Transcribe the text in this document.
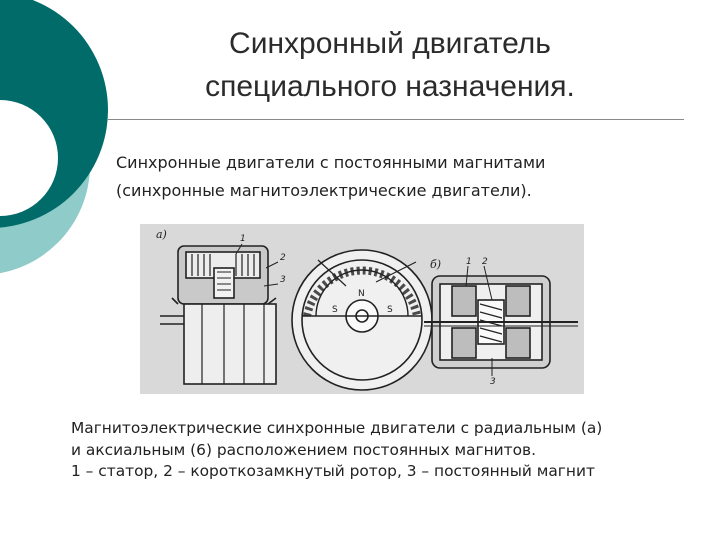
Синхронный двигатель
специального назначения.
Синхронные двигатели с постоянными магнитами
(синхронные магнитоэлектрические двигатели).
а)	1
2
3
S	S
N
б)	1 2
3
Магнитоэлектрические синхронные двигатели с радиальным (а)
и аксиальным (6) расположением постоянных магнитов.
1 – статор, 2 – короткозамкнутый ротор, 3 – постоянный магнит
